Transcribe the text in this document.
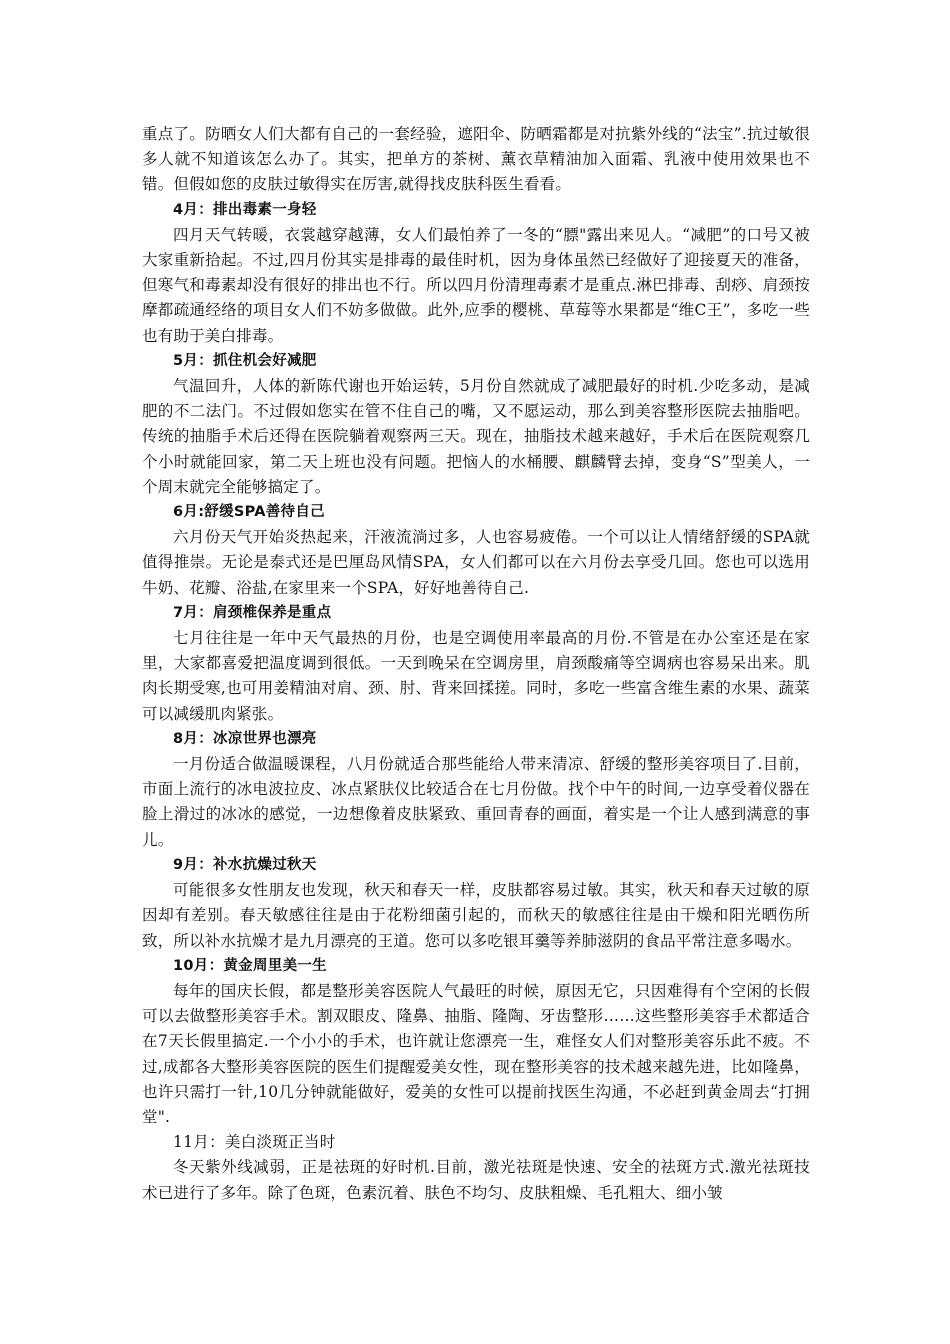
重点了。防晒女人们大都有自己的一套经验，遮阳伞、防晒霜都是对抗紫外线的“法宝”.抗过敏很多人就不知道该怎么办了。其实，把单方的茶树、薰衣草精油加入面霜、乳液中使用效果也不错。但假如您的皮肤过敏得实在厉害,就得找皮肤科医生看看。

4月：排出毒素一身轻

四月天气转暖，衣裳越穿越薄，女人们最怕养了一冬的“膘"露出来见人。“减肥”的口号又被大家重新拾起。不过,四月份其实是排毒的最佳时机，因为身体虽然已经做好了迎接夏天的准备，但寒气和毒素却没有很好的排出也不行。所以四月份清理毒素才是重点.淋巴排毒、刮痧、肩颈按摩都疏通经络的项目女人们不妨多做做。此外,应季的樱桃、草莓等水果都是“维C王”，多吃一些也有助于美白排毒。

5月：抓住机会好减肥

气温回升，人体的新陈代谢也开始运转，5月份自然就成了减肥最好的时机.少吃多动，是减肥的不二法门。不过假如您实在管不住自己的嘴，又不愿运动，那么到美容整形医院去抽脂吧。传统的抽脂手术后还得在医院躺着观察两三天。现在，抽脂技术越来越好，手术后在医院观察几个小时就能回家，第二天上班也没有问题。把恼人的水桶腰、麒麟臂去掉，变身“S”型美人，一个周末就完全能够搞定了。

6月:舒缓SPA善待自己

六月份天气开始炎热起来，汗液流淌过多，人也容易疲倦。一个可以让人情绪舒缓的SPA就值得推崇。无论是泰式还是巴厘岛风情SPA，女人们都可以在六月份去享受几回。您也可以选用牛奶、花瓣、浴盐,在家里来一个SPA，好好地善待自己.

7月：肩颈椎保养是重点

七月往往是一年中天气最热的月份，也是空调使用率最高的月份.不管是在办公室还是在家里，大家都喜爱把温度调到很低。一天到晚呆在空调房里，肩颈酸痛等空调病也容易呆出来。肌肉长期受寒,也可用姜精油对肩、颈、肘、背来回揉搓。同时，多吃一些富含维生素的水果、蔬菜可以减缓肌肉紧张。

8月：冰凉世界也漂亮

一月份适合做温暖课程，八月份就适合那些能给人带来清凉、舒缓的整形美容项目了.目前，市面上流行的冰电波拉皮、冰点紧肤仪比较适合在七月份做。找个中午的时间,一边享受着仪器在脸上滑过的冰冰的感觉，一边想像着皮肤紧致、重回青春的画面，着实是一个让人感到满意的事儿。

9月：补水抗燥过秋天

可能很多女性朋友也发现，秋天和春天一样，皮肤都容易过敏。其实，秋天和春天过敏的原因却有差别。春天敏感往往是由于花粉细菌引起的，而秋天的敏感往往是由干燥和阳光晒伤所致，所以补水抗燥才是九月漂亮的王道。您可以多吃银耳羹等养肺滋阴的食品平常注意多喝水。

10月：黄金周里美一生

每年的国庆长假，都是整形美容医院人气最旺的时候，原因无它，只因难得有个空闲的长假可以去做整形美容手术。割双眼皮、隆鼻、抽脂、隆陶、牙齿整形……这些整形美容手术都适合在7天长假里搞定.一个小小的手术，也许就让您漂亮一生，难怪女人们对整形美容乐此不疲。不过,成都各大整形美容医院的医生们提醒爱美女性，现在整形美容的技术越来越先进，比如隆鼻，也许只需打一针,10几分钟就能做好，爱美的女性可以提前找医生沟通，不必赶到黄金周去“打拥堂".

11月：美白淡斑正当时

冬天紫外线减弱，正是祛斑的好时机.目前，激光祛斑是快速、安全的祛斑方式.激光祛斑技术已进行了多年。除了色斑，色素沉着、肤色不均匀、皮肤粗燥、毛孔粗大、细小皱
